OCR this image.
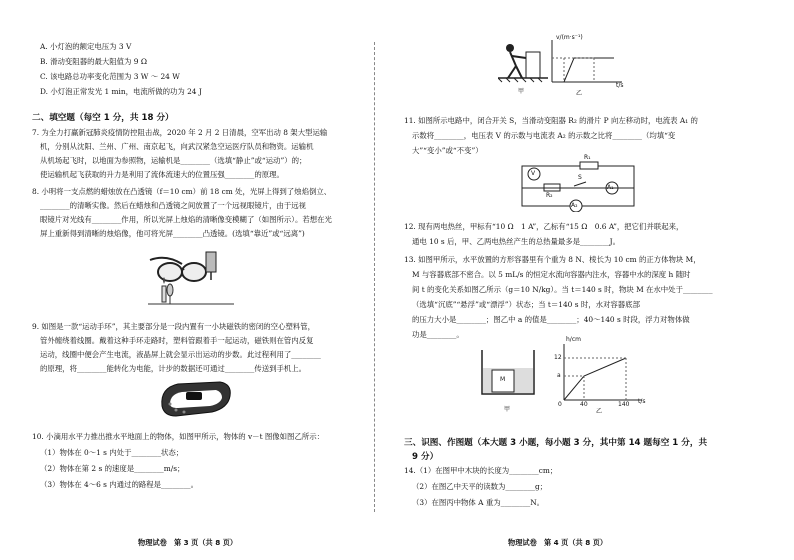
A. 小灯泡的额定电压为 3 V
B. 滑动变阻器的最大阻值为 9 Ω
C. 该电路总功率变化范围为 3 W ～ 24 W
D. 小灯泡正常发光 1 min，电流所做的功为 24 J
二、填空题（每空 1 分，共 18 分）
7. 为全力打赢新冠肺炎疫情防控阻击战，2020 年 2 月 2 日清晨，空军出动 8 架大型运输
机，分别从沈阳、兰州、广州、南京起飞，向武汉紧急空运医疗队员和物资。运输机
从机场起飞时，以地面为参照物，运输机是________（选填“静止”或“运动”）的；
使运输机起飞获取的升力是利用了流体流速大的位置压强________的原理。
8. 小明将一支点燃的蜡烛放在凸透镜（f＝10 cm）前 18 cm 处，光屏上得到了烛焰倒立、
________的清晰实像。然后在蜡烛和凸透镜之间放置了一个远视眼镜片，由于远视
眼镜片对光线有________作用，所以光屏上烛焰的清晰像变模糊了（如图所示）。若想在光
屏上重新得到清晰的烛焰像，他可将光屏________凸透镜。(选填“靠近”或“远离”)
9. 如图是一款“运动手环”，其主要部分是一段内置有一小块磁铁的密闭的空心塑料管，
管外缠绕着线圈。戴着这种手环走路时，塑料管跟着手一起运动，磁铁则在管内反复
运动，线圈中便会产生电流，液晶屏上就会显示出运动的步数。此过程利用了________
的原理，将________能转化为电能，计步的数据还可通过________传送到手机上。
10. 小滴用水平力推出推水平地面上的物体，如图甲所示，物体的 v－t 图像如图乙所示：
（1）物体在 0～1 s 内处于________状态；
（2）物体在第 2 s 的速度是________m/s；
（3）物体在 4～6 s 内通过的路程是________。
物理试卷　第 3 页（共 8 页）
甲
v/(m·s⁻¹)
t/s
乙
11. 如图所示电路中，闭合开关 S，当滑动变阻器 R₂ 的滑片 P 向左移动时，电流表 A₁ 的
示数将________，电压表 V 的示数与电流表 A₂ 的示数之比将________（均填“变
大”“变小”或“不变”）
V
R₁
R₂
S
A₁
A₂
12. 现有两电热丝，甲标有“10 Ω　1 A”，乙标有“15 Ω　0.6 A”，把它们并联起来，
通电 10 s 后，甲、乙两电热丝产生的总热量最多是________J。
13. 如图甲所示，水平放置的方形容器里有个重为 8 N、棱长为 10 cm 的正方体物块 M，
M 与容器底部不密合。以 5 mL/s 的恒定水流向容器内注水，容器中水的深度 h 随时
间 t 的变化关系如图乙所示（g＝10 N/kg）。当 t＝140 s 时，物块 M 在水中处于________
（选填“沉底”“悬浮”或“漂浮”）状态；当 t＝140 s 时，水对容器底部
的压力大小是________；图乙中 a 的值是________；40～140 s 时段，浮力对物体做
功是________。
M
甲
h/cm
t/s
12
a
0	40	140
乙
三、识图、作图题（本大题 3 小题，每小题 3 分，其中第 14 题每空 1 分，共
9 分）
14.（1）在图甲中木块的长度为________cm；
（2）在图乙中天平的读数为________g；
（3）在图丙中物体 A 重为________N。
物理试卷　第 4 页（共 8 页）
